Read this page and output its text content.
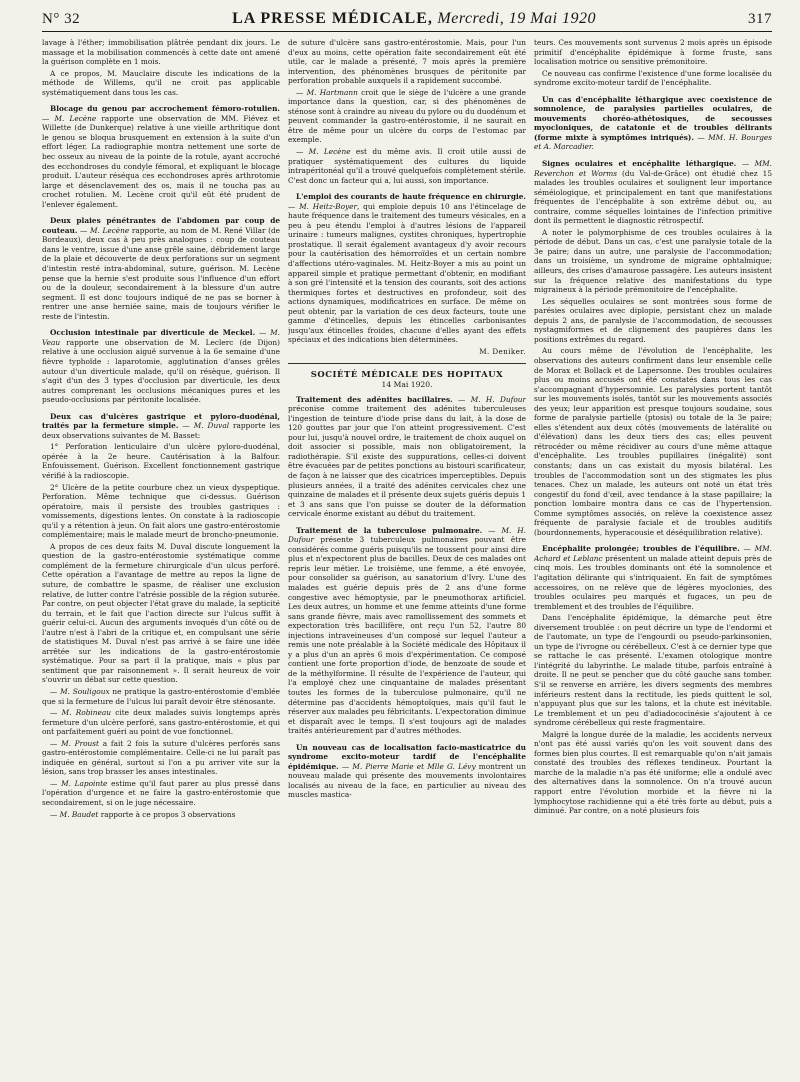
N° 32	LA PRESSE MÉDICALE, Mercredi, 19 Mai 1920	317

lavage à l'éther; immobilisation plâtrée pendant dix jours. Le massage et la mobilisation commencés à cette date ont amené la guérison complète en 1 mois.

A ce propos, M. Mauclaire discute les indications de la méthode de Willems, qu'il ne croit pas applicable systématiquement dans tous les cas.

Blocage du genou par accrochement fémoro-rotulien. — M. Lecène rapporte une observation de MM. Fiévez et Willette (de Dunkerque) relative à une vieille arthritique dont le genou se bloqua brusquement en extension à la suite d'un effort léger. La radiographie montra nettement une sorte de bec osseux au niveau de la pointe de la rotule, ayant accroché des ecchondroses du condyle fémoral, et expliquant le blocage produit. L'auteur réséqua ces ecchondroses après arthrotomie large et désenclavement des os, mais il ne toucha pas au crochet rotulien. M. Lecène croit qu'il eût été prudent de l'enlever également.

Deux plaies pénétrantes de l'abdomen par coup de couteau. — M. Lecène rapporte, au nom de M. René Villar (de Bordeaux), deux cas à peu près analogues : coup de couteau dans le ventre, issue d'une anse grêle saine, débridement large de la plaie et découverte de deux perforations sur un segment d'intestin resté intra-abdominal, suture, guérison. M. Lecène pense que la hernie s'est produite sous l'influence d'un effort ou de la douleur, secondairement à la blessure d'un autre segment. Il est donc toujours indiqué de ne pas se borner à rentrer une anse herniée saine, mais de toujours vérifier le reste de l'intestin.

Occlusion intestinale par diverticule de Meckel. — M. Veau rapporte une observation de M. Leclerc (de Dijon) relative à une occlusion aiguë survenue à la 6e semaine d'une fièvre typhoïde : laparotomie, agglutination d'anses grêles autour d'un diverticule malade, qu'il on résèque, guérison. Il s'agit d'un des 3 types d'occlusion par diverticule, les deux autres comprenant les occlusions mécaniques pures et les pseudo-occlusions par péritonite localisée.

Deux cas d'ulcères gastrique et pyloro-duodénal, traités par la fermeture simple. — M. Duval rapporte les deux observations suivantes de M. Basset:

1° Perforation lenticulaire d'un ulcère pyloro-duodénal, opérée à la 2e heure. Cautérisation à la Balfour. Enfouissement. Guérison. Excellent fonctionnement gastrique vérifié à la radioscopie.

2° Ulcère de la petite courbure chez un vieux dyspeptique. Perforation. Même technique que ci-dessus. Guérison opératoire, mais il persiste des troubles gastriques : vomissements, digestions lentes. On constate à la radioscopie qu'il y a rétention à jeun. On fait alors une gastro-entérostomie complémentaire; mais le malade meurt de broncho-pneumonie.

A propos de ces deux faits M. Duval discute longuement la question de la gastro-entérostomie systématique comme complément de la fermeture chirurgicale d'un ulcus perforé. Cette opération a l'avantage de mettre au repos la ligne de suture, de combattre le spasme, de réaliser une exclusion relative, de lutter contre l'atrésie possible de la région suturée. Par contre, on peut objecter l'état grave du malade, la septicité du terrain, et le fait que l'action directe sur l'ulcus suffit à guérir celui-ci. Aucun des arguments invoqués d'un côté ou de l'autre n'est à l'abri de la critique et, en compulsant une série de statistiques M. Duval n'est pas arrivé à se faire une idée arrêtée sur les indications de la gastro-entérostomie systématique. Pour sa part il la pratique, mais « plus par sentiment que par raisonnement ». Il serait heureux de voir s'ouvrir un débat sur cette question.

— M. Souligoux ne pratique la gastro-entérostomie d'emblée que si la fermeture de l'ulcus lui paraît devoir être sténosante.

— M. Robineau cite deux malades suivis longtemps après fermeture d'un ulcère perforé, sans gastro-entérostomie, et qui ont parfaitement guéri au point de vue fonctionnel.

— M. Proust a fait 2 fois la suture d'ulcères perforés sans gastro-entérostomie complémentaire. Celle-ci ne lui paraît pas indiquée en général, surtout si l'on a pu arriver vite sur la lésion, sans trop brasser les anses intestinales.

— M. Lapointe estime qu'il faut parer au plus pressé dans l'opération d'urgence et ne faire la gastro-entérostomie que secondairement, si on le juge nécessaire.

— M. Baudet rapporte à ce propos 3 observations

de suture d'ulcère sans gastro-entérostomie. Mais, pour l'un d'eux au moins, cette opération faite secondairement eût été utile, car le malade a présenté, 7 mois après la première intervention, des phénomènes brusques de péritonite par perforation probable auxquels il a rapidement succombé.

— M. Hartmann croit que le siège de l'ulcère a une grande importance dans la question, car, si des phénomènes de sténose sont à craindre au niveau du pylore ou du duodénum et peuvent commander la gastro-entérostomie, il ne saurait en être de même pour un ulcère du corps de l'estomac par exemple.

— M. Lecène est du même avis. Il croit utile aussi de pratiquer systématiquement des cultures du liquide intrapéritonéal qu'il a trouvé quelquefois complètement stérile. C'est donc un facteur qui a, lui aussi, son importance.

L'emploi des courants de haute fréquence en chirurgie. — M. Heitz-Boyer, qui emploie depuis 10 ans l'étincelage de haute fréquence dans le traitement des tumeurs vésicales, en a peu à peu étendu l'emploi à d'autres lésions de l'appareil urinaire : tumeurs malignes, cystites chroniques, hypertrophie prostatique. Il serait également avantageux d'y avoir recours pour la cautérisation des hémorroïdes et un certain nombre d'affections utéro-vaginales. M. Heitz-Boyer a mis au point un appareil simple et pratique permettant d'obtenir, en modifiant à son gré l'intensité et la tension des courants, soit des actions thermiques fortes et destructives en profondeur, soit des actions dynamiques, modificatrices en surface. De même on peut obtenir, par la variation de ces deux facteurs, toute une gamme d'étincelles, depuis les étincelles carbonisantes jusqu'aux étincelles froides, chacune d'elles ayant des effets spéciaux et des indications bien déterminées.

M. Deniker.
SOCIÉTÉ MÉDICALE DES HOPITAUX
14 Mai 1920.

Traitement des adénites bacillaires. — M. H. Dufour préconise comme traitement des adénites tuberculeuses l'ingestion de teinture d'iode prise dans du lait, à la dose de 120 gouttes par jour que l'on atteint progressivement. C'est pour lui, jusqu'à nouvel ordre, le traitement de choix auquel on doit associer si possible, mais non obligatoirement, la radiothérapie. S'il existe des suppurations, celles-ci doivent être évacuées par de petites ponctions au bistouri scarificateur, de façon à ne laisser que des cicatrices imperceptibles. Depuis plusieurs années, il a traité des adénites cervicales chez une quinzaine de malades et il présente deux sujets guéris depuis 1 et 3 ans sans que l'on puisse se douter de la déformation cervicale énorme existant au début du traitement.

Traitement de la tuberculose pulmonaire. — M. H. Dufour présente 3 tuberculeux pulmonaires pouvant être considérés comme guéris puisqu'ils ne toussent pour ainsi dire plus et n'expectorent plus de bacilles. Deux de ces malades ont repris leur métier. Le troisième, une femme, a été envoyée, pour consolider sa guérison, au sanatorium d'Ivry. L'une des malades est guérie depuis près de 2 ans d'une forme congestive avec hémoptysie, par le pneumothorax artificiel. Les deux autres, un homme et une femme atteints d'une forme sans grande fièvre, mais avec ramollissement des sommets et expectoration très bacillifère, ont reçu l'un 52, l'autre 80 injections intraveineuses d'un composé sur lequel l'auteur a remis une note préalable à la Société médicale des Hôpitaux il y a plus d'un an après 6 mois d'expérimentation. Ce composé contient une forte proportion d'iode, de benzoate de soude et de la méthylformine. Il résulte de l'expérience de l'auteur, qui l'a employé chez une cinquantaine de malades présentant toutes les formes de la tuberculose pulmonaire, qu'il ne détermine pas d'accidents hémoptoïques, mais qu'il faut le réserver aux malades peu fébricitants. L'expectoration diminue et disparaît avec le temps. Il s'est toujours agi de malades traités antérieurement par d'autres méthodes.

Un nouveau cas de localisation facio-masticatrice du syndrome excito-moteur tardif de l'encéphalite épidémique. — M. Pierre Marie et Mlle G. Lévy montrent un nouveau malade qui présente des mouvements involontaires localisés au niveau de la face, en particulier au niveau des muscles mastica-

teurs. Ces mouvements sont survenus 2 mois après un épisode primitif d'encéphalite épidémique à forme fruste, sans localisation motrice ou sensitive prémonitoire.

Ce nouveau cas confirme l'existence d'une forme localisée du syndrome excito-moteur tardif de l'encéphalite.

Un cas d'encéphalite léthargique avec coexistence de somnolence, de paralysies partielles oculaires, de mouvements choréo-athétosiques, de secousses myocloniques, de catatonie et de troubles délirants (forme mixte à symptômes intriqués). — MM. H. Bourges et A. Marcadier.

Signes oculaires et encéphalite léthargique. — MM. Reverchon et Worms (du Val-de-Grâce) ont étudié chez 15 malades les troubles oculaires et soulignent leur importance séméiologique, et principalement en tant que manifestations fréquentes de l'encéphalite à son extrême début ou, au contraire, comme séquelles lointaines de l'infection primitive dont ils permettent le diagnostic rétrospectif.

A noter le polymorphisme de ces troubles oculaires à la période de début. Dans un cas, c'est une paralysie totale de la 3e paire; dans un autre, une paralysie de l'accommodation; dans un troisième, un syndrome de migraine ophtalmique; ailleurs, des crises d'amaurose passagère. Les auteurs insistent sur la fréquence relative des manifestations du type migraineux à la période prémonitoire de l'encéphalite.

Les séquelles oculaires se sont montrées sous forme de parésies oculaires avec diplopie, persistant chez un malade depuis 2 ans, de paralysie de l'accommodation, de secousses nystagmiformes et de clignement des paupières dans les positions extrêmes du regard.

Au cours même de l'évolution de l'encéphalite, les observations des auteurs confirment dans leur ensemble celle de Morax et Bollack et de Lapersonne. Des troubles oculaires plus ou moins accusés ont été constatés dans tous les cas s'accompagnant d'hypersomnie. Les paralysies portent tantôt sur les mouvements isolés, tantôt sur les mouvements associés des yeux; leur apparition est presque toujours soudaine, sous forme de paralysie partielle (ptosis) ou totale de la 3e paire; elles s'étendent aux deux côtés (mouvements de latéralité ou d'élévation) dans les deux tiers des cas; elles peuvent rétrocéder ou même récidiver au cours d'une même attaque d'encéphalite. Les troubles pupillaires (inégalité) sont constants; dans un cas existait du myosis bilatéral. Les troubles de l'accommodation sont un des stigmates les plus tenaces. Chez un malade, les auteurs ont noté un état très congestif du fond d'œil, avec tendance à la stase papillaire; la ponction lombaire montra dans ce cas de l'hypertension. Comme symptômes associés, on relève la coexistence assez fréquente de paralysie faciale et de troubles auditifs (bourdonnements, hyperacousie et déséquilibration relative).

Encéphalite prolongée; troubles de l'équilibre. — MM. Achard et Leblanc présentent un malade atteint depuis près de cinq mois. Les troubles dominants ont été la somnolence et l'agitation délirante qui s'intriquaient. En fait de symptômes accessoires, on ne relève que de légères myoclonies, des troubles oculaires peu marqués et fugaces, un peu de tremblement et des troubles de l'équilibre.

Dans l'encéphalite épidémique, la démarche peut être diversement troublée : on peut décrire un type de l'endormi et de l'automate, un type de l'engourdi ou pseudo-parkinsonien, un type de l'ivrogne ou cérébelleux. C'est à ce dernier type que se rattache le cas présenté. L'examen otologique montre l'intégrité du labyrinthe. Le malade titube, parfois entraîné à droite. Il ne peut se pencher que du côté gauche sans tomber. S'il se renverse en arrière, les divers segments des membres inférieurs restent dans la rectitude, les pieds quittent le sol, n'appuyant plus que sur les talons, et la chute est inévitable. Le tremblement et un peu d'adiadococinésie s'ajoutent à ce syndrome cérébelleux qui reste fragmentaire.

Malgré la longue durée de la maladie, les accidents nerveux n'ont pas été aussi variés qu'on les voit souvent dans des formes bien plus courtes. Il est remarquable qu'on n'ait jamais constaté des troubles des réflexes tendineux. Pourtant la marche de la maladie n'a pas été uniforme; elle a ondulé avec des alternatives dans la somnolence. On n'a trouvé aucun rapport entre l'évolution morbide et la fièvre ni la lymphocytose rachidienne qui a été très forte au début, puis a diminué. Par contre, on a noté plusieurs fois
